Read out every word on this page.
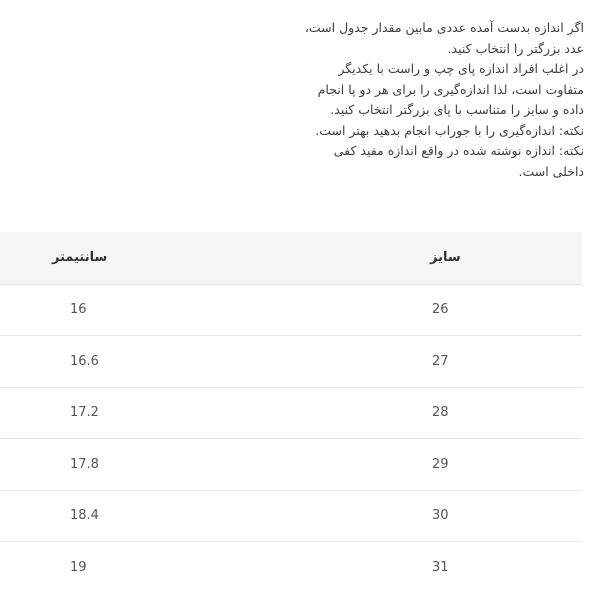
اگر اندازه بدست آمده عددی مابین مقدار جدول است،

عدد بزرگتر را انتخاب کنید.

در اغلب افراد اندازه پای چپ و راست با یکدیگر

متفاوت است، لذا اندازه‌گیری را برای هر دو پا انجام

داده و سایز را متناسب با پای بزرگتر انتخاب کنید.

نکته: اندازه‌گیری را با جوراب انجام بدهید بهتر است.

نکته: اندازه نوشته شده در واقع اندازه مفید کفی

داخلی است.

سانتیمتر	سایز
16	26
16.6	27
17.2	28
17.8	29
18.4	30
19	31
